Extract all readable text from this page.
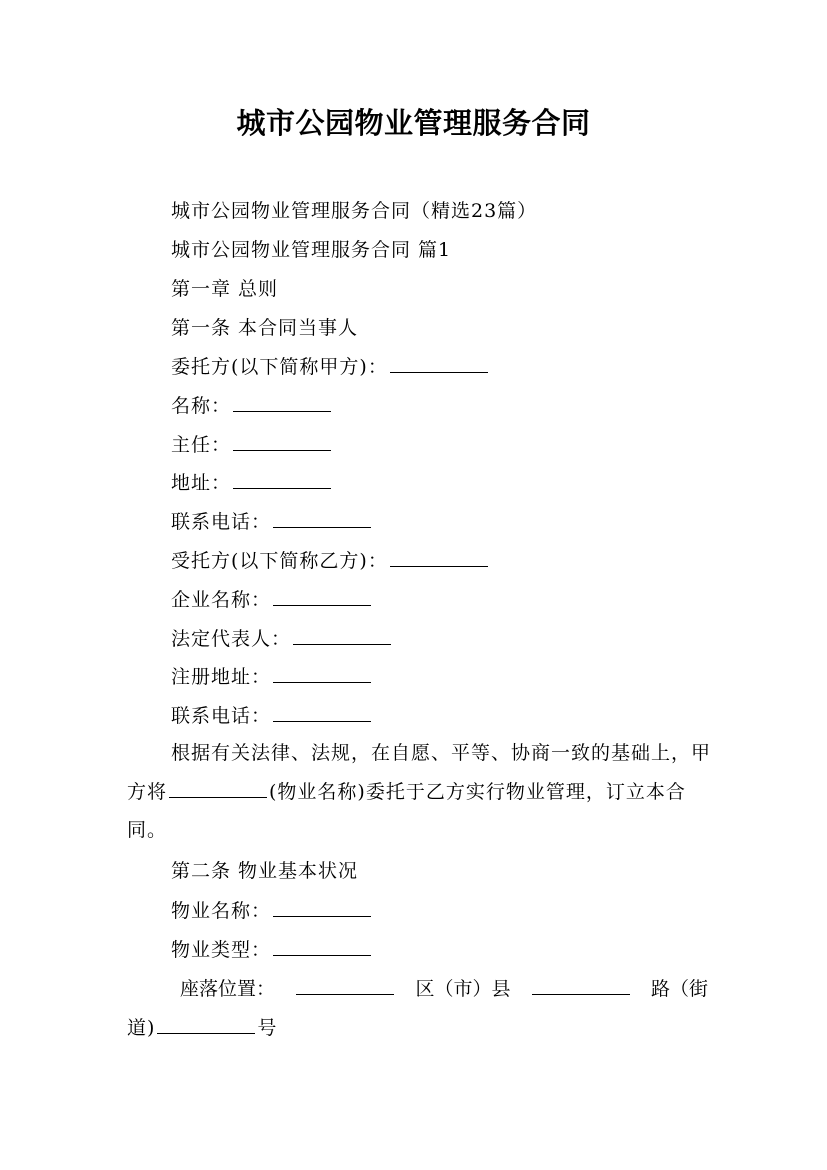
城市公园物业管理服务合同
城市公园物业管理服务合同（精选23篇）
城市公园物业管理服务合同 篇1
第一章 总则
第一条 本合同当事人
委托方(以下简称甲方)：
名称：
主任：
地址：
联系电话：
受托方(以下简称乙方)：
企业名称：
法定代表人：
注册地址：
联系电话：
根据有关法律、法规，在自愿、平等、协商一致的基础上，甲方将	(物业名称)委托于乙方实行物业管理，订立本合同。
第二条 物业基本状况
物业名称：
物业类型：
座落位置：	区（市）县	路（街
道)	号
